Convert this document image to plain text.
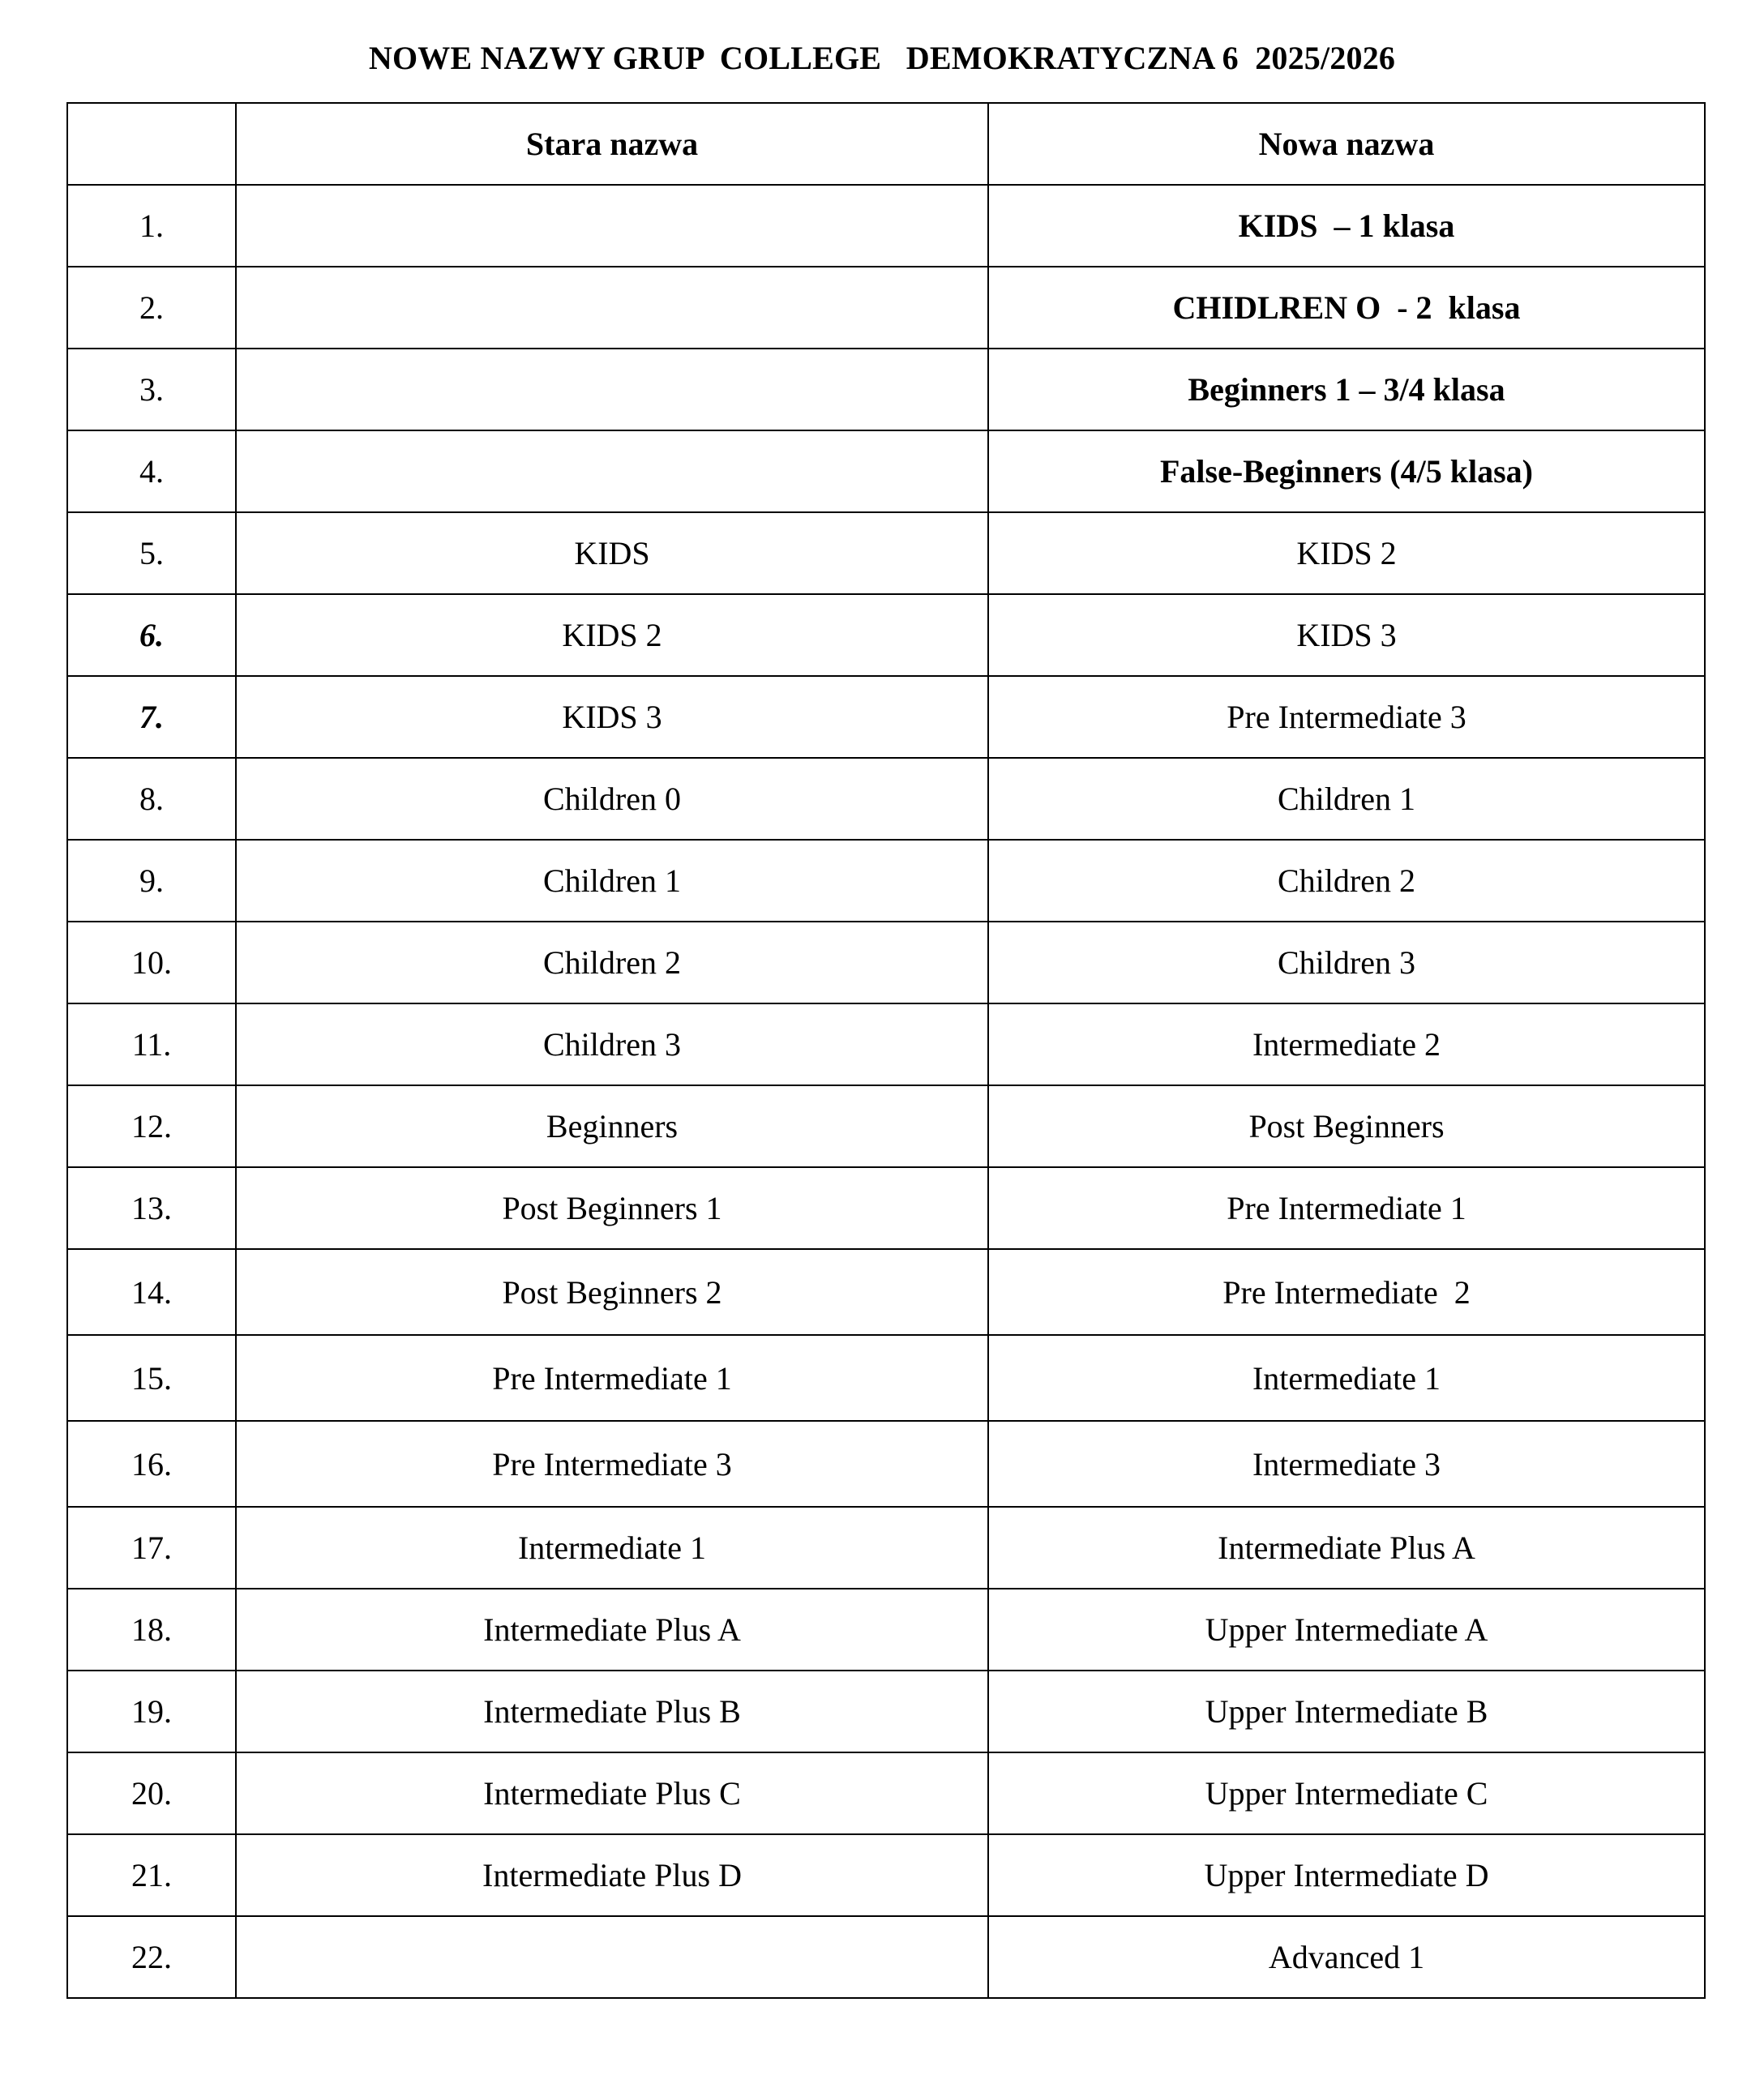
NOWE NAZWY GRUP  COLLEGE   DEMOKRATYCZNA 6  2025/2026
	Stara nazwa	Nowa nazwa
1.		KIDS  – 1 klasa
2.		CHIDLREN O  - 2  klasa
3.		Beginners 1 – 3/4 klasa
4.		False-Beginners (4/5 klasa)
5.	KIDS	KIDS 2
6.	KIDS 2	KIDS 3
7.	KIDS 3	Pre Intermediate 3
8.	Children 0	Children 1
9.	Children 1	Children 2
10.	Children 2	Children 3
11.	Children 3	Intermediate 2
12.	Beginners	Post Beginners
13.	Post Beginners 1	Pre Intermediate 1
14.	Post Beginners 2	Pre Intermediate  2
15.	Pre Intermediate 1	Intermediate 1
16.	Pre Intermediate 3	Intermediate 3
17.	Intermediate 1	Intermediate Plus A
18.	Intermediate Plus A	Upper Intermediate A
19.	Intermediate Plus B	Upper Intermediate B
20.	Intermediate Plus C	Upper Intermediate C
21.	Intermediate Plus D	Upper Intermediate D
22.		Advanced 1
